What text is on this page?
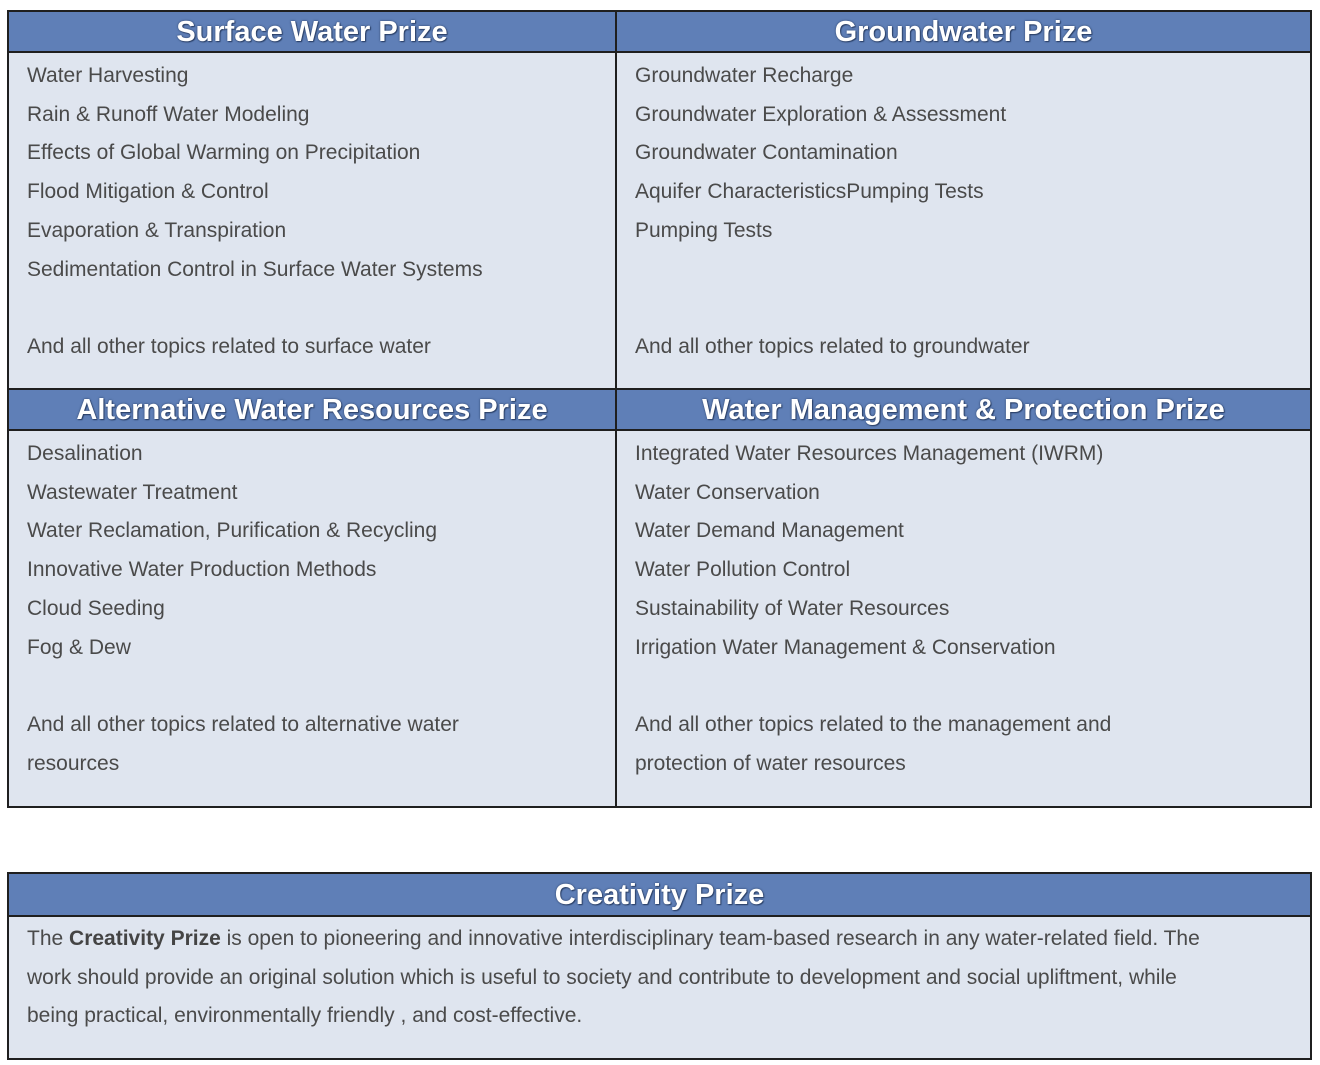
Surface Water Prize
Water Harvesting
Rain & Runoff Water Modeling
Effects of Global Warming on Precipitation
Flood Mitigation & Control
Evaporation & Transpiration
Sedimentation Control in Surface Water Systems
And all other topics related to surface water
Groundwater Prize
Groundwater Recharge
Groundwater Exploration & Assessment
Groundwater Contamination
Aquifer CharacteristicsPumping Tests
Pumping Tests
And all other topics related to groundwater
Alternative Water Resources Prize
Desalination
Wastewater Treatment
Water Reclamation, Purification & Recycling
Innovative Water Production Methods
Cloud Seeding
Fog & Dew
And all other topics related to alternative water resources
Water Management & Protection Prize
Integrated Water Resources Management (IWRM)
Water Conservation
Water Demand Management
Water Pollution Control
Sustainability of Water Resources
Irrigation Water Management & Conservation
And all other topics related to the management and protection of water resources
Creativity Prize
The Creativity Prize is open to pioneering and innovative interdisciplinary team-based research in any water-related field. The
work should provide an original solution which is useful to society and contribute to development and social upliftment, while
being practical, environmentally friendly , and cost-effective.
